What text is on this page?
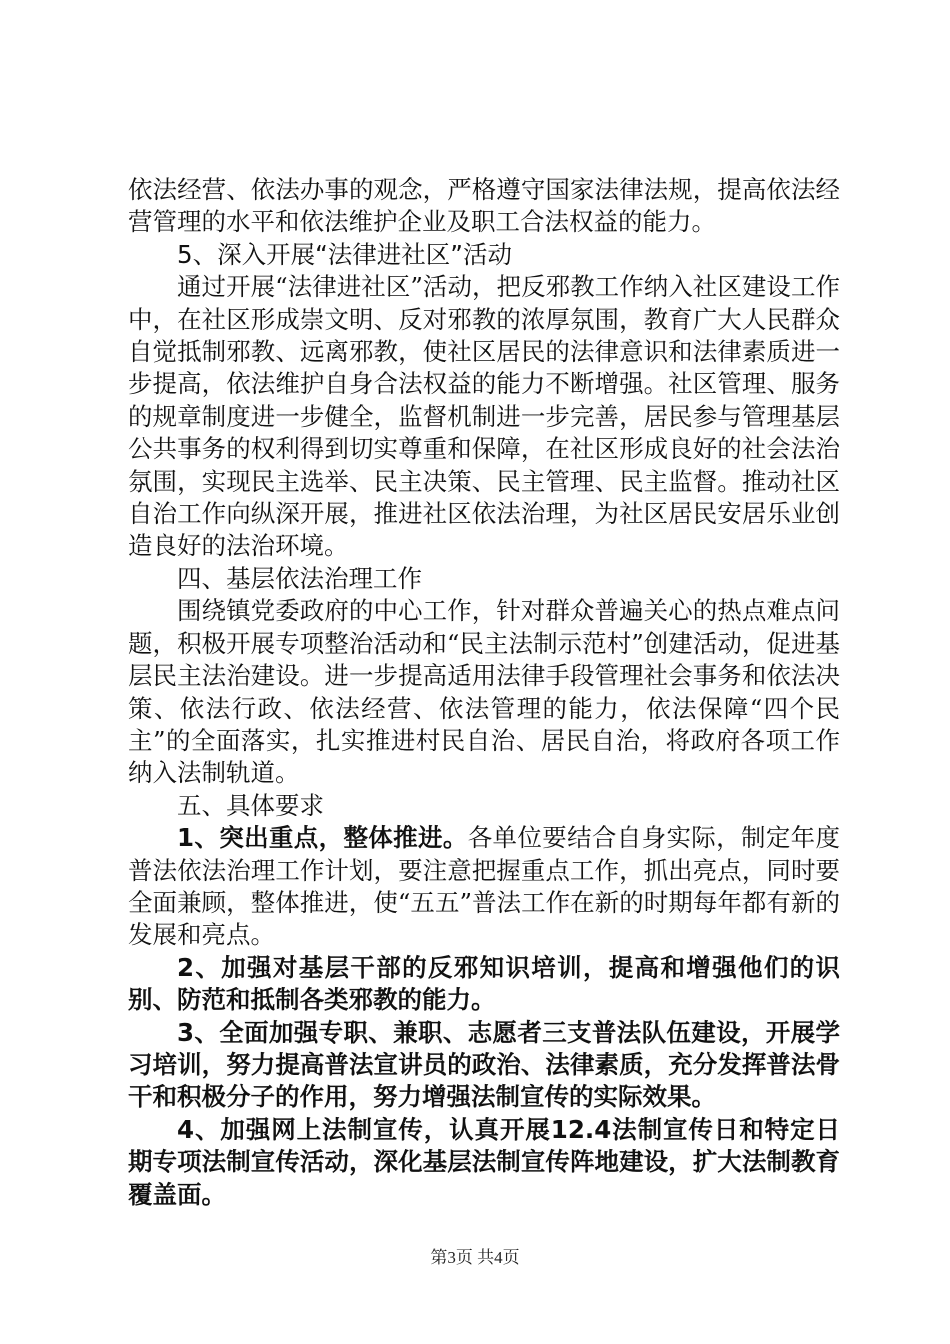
依法经营、依法办事的观念，严格遵守国家法律法规，提高依法经营管理的水平和依法维护企业及职工合法权益的能力。

5、深入开展“法律进社区”活动

通过开展“法律进社区”活动，把反邪教工作纳入社区建设工作中，在社区形成崇文明、反对邪教的浓厚氛围，教育广大人民群众自觉抵制邪教、远离邪教，使社区居民的法律意识和法律素质进一步提高，依法维护自身合法权益的能力不断增强。社区管理、服务的规章制度进一步健全，监督机制进一步完善，居民参与管理基层公共事务的权利得到切实尊重和保障，在社区形成良好的社会法治氛围，实现民主选举、民主决策、民主管理、民主监督。推动社区自治工作向纵深开展，推进社区依法治理，为社区居民安居乐业创造良好的法治环境。

四、基层依法治理工作

围绕镇党委政府的中心工作，针对群众普遍关心的热点难点问题，积极开展专项整治活动和“民主法制示范村”创建活动，促进基层民主法治建设。进一步提高适用法律手段管理社会事务和依法决策、依法行政、依法经营、依法管理的能力，依法保障“四个民主”的全面落实，扎实推进村民自治、居民自治，将政府各项工作纳入法制轨道。

五、具体要求

1、突出重点，整体推进。各单位要结合自身实际，制定年度普法依法治理工作计划，要注意把握重点工作，抓出亮点，同时要全面兼顾，整体推进，使“五五”普法工作在新的时期每年都有新的发展和亮点。

2、加强对基层干部的反邪知识培训，提高和增强他们的识别、防范和抵制各类邪教的能力。

3、全面加强专职、兼职、志愿者三支普法队伍建设，开展学习培训，努力提高普法宣讲员的政治、法律素质，充分发挥普法骨干和积极分子的作用，努力增强法制宣传的实际效果。

4、加强网上法制宣传，认真开展12.4法制宣传日和特定日期专项法制宣传活动，深化基层法制宣传阵地建设，扩大法制教育覆盖面。

第3页 共4页
